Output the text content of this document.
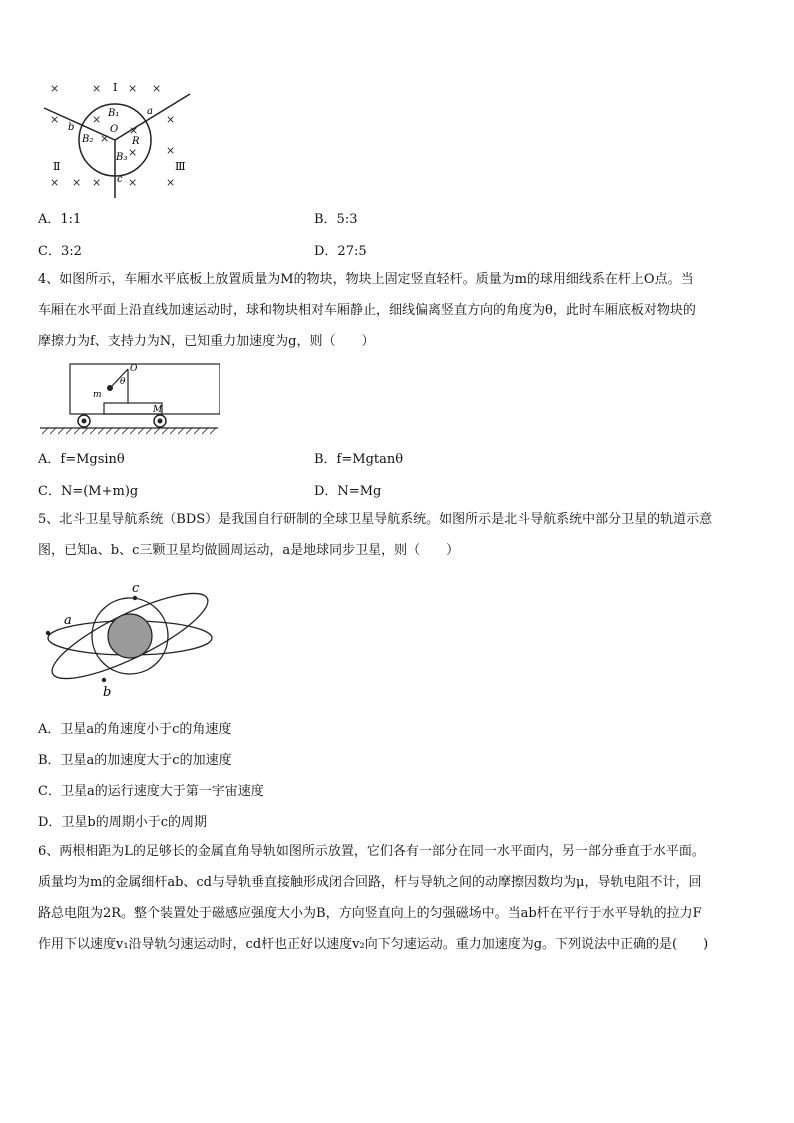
×	× × ×
×	×
×
×
×
×	×
× × × ×	×
Ⅰ
Ⅱ	Ⅲ
a
b
c
O
R
B₁
B₂
B₃
A．1:1	B．5:3
C．3:2	D．27:5
4、如图所示，车厢水平底板上放置质量为M的物块，物块上固定竖直轻杆。质量为m的球用细线系在杆上O点。当
车厢在水平面上沿直线加速运动时，球和物块相对车厢静止，细线偏离竖直方向的角度为θ，此时车厢底板对物块的
摩擦力为f、支持力为N，已知重力加速度为g，则（　　）
O
θ
m
M
A．f=Mgsinθ	B．f=Mgtanθ
C．N=(M+m)g	D．N=Mg
5、北斗卫星导航系统（BDS）是我国自行研制的全球卫星导航系统。如图所示是北斗导航系统中部分卫星的轨道示意
图，已知a、b、c三颗卫星均做圆周运动，a是地球同步卫星，则（　　）
c
a
b
A．卫星a的角速度小于c的角速度
B．卫星a的加速度大于c的加速度
C．卫星a的运行速度大于第一宇宙速度
D．卫星b的周期小于c的周期
6、两根相距为L的足够长的金属直角导轨如图所示放置，它们各有一部分在同一水平面内，另一部分垂直于水平面。
质量均为m的金属细杆ab、cd与导轨垂直接触形成闭合回路，杆与导轨之间的动摩擦因数均为μ，导轨电阻不计，回
路总电阻为2R。整个装置处于磁感应强度大小为B，方向竖直向上的匀强磁场中。当ab杆在平行于水平导轨的拉力F
作用下以速度v₁沿导轨匀速运动时，cd杆也正好以速度v₂向下匀速运动。重力加速度为g。下列说法中正确的是(　　)
